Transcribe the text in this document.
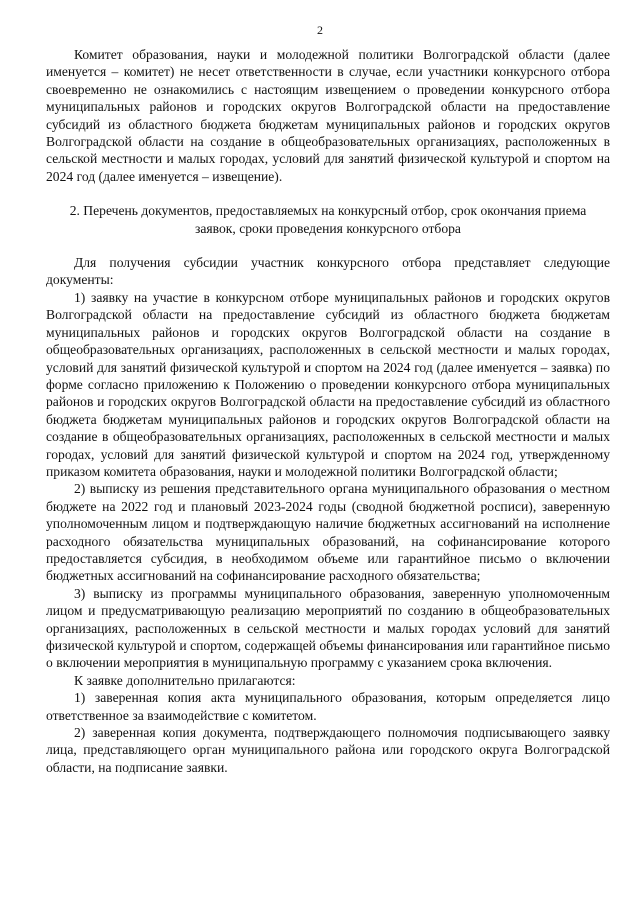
2

Комитет образования, науки и молодежной политики Волгоградской области (далее именуется – комитет) не несет ответственности в случае, если участники конкурсного отбора своевременно не ознакомились с настоящим извещением о проведении конкурсного отбора муниципальных районов и городских округов Волгоградской области на предоставление субсидий из областного бюджета бюджетам муниципальных районов и городских округов Волгоградской области на создание в общеобразовательных организациях, расположенных в сельской местности и малых городах, условий для занятий физической культурой и спортом на 2024 год (далее именуется – извещение).

2. Перечень документов, предоставляемых на конкурсный отбор, срок окончания приема заявок, сроки проведения конкурсного отбора

Для получения субсидии участник конкурсного отбора представляет следующие документы:

1) заявку на участие в конкурсном отборе муниципальных районов и городских округов Волгоградской области на предоставление субсидий из областного бюджета бюджетам муниципальных районов и городских округов Волгоградской области на создание в общеобразовательных организациях, расположенных в сельской местности и малых городах, условий для занятий физической культурой и спортом на 2024 год (далее именуется – заявка) по форме согласно приложению к Положению о проведении конкурсного отбора муниципальных районов и городских округов Волгоградской области на предоставление субсидий из областного бюджета бюджетам муниципальных районов и городских округов Волгоградской области на создание в общеобразовательных организациях, расположенных в сельской местности и малых городах, условий для занятий физической культурой и спортом на 2024 год, утвержденному приказом комитета образования, науки и молодежной политики Волгоградской области;

2) выписку из решения представительного органа муниципального образования о местном бюджете на 2022 год и плановый 2023-2024 годы (сводной бюджетной росписи), заверенную уполномоченным лицом и подтверждающую наличие бюджетных ассигнований на исполнение расходного обязательства муниципальных образований, на софинансирование которого предоставляется субсидия, в необходимом объеме или гарантийное письмо о включении бюджетных ассигнований на софинансирование расходного обязательства;

3) выписку из программы муниципального образования, заверенную уполномоченным лицом и предусматривающую реализацию мероприятий по созданию в общеобразовательных организациях, расположенных в сельской местности и малых городах условий для занятий физической культурой и спортом, содержащей объемы финансирования или гарантийное письмо о включении мероприятия в муниципальную программу с указанием срока включения.

К заявке дополнительно прилагаются:

1) заверенная копия акта муниципального образования, которым определяется лицо ответственное за взаимодействие с комитетом.

2) заверенная копия документа, подтверждающего полномочия подписывающего заявку лица, представляющего орган муниципального района или городского округа Волгоградской области, на подписание заявки.
